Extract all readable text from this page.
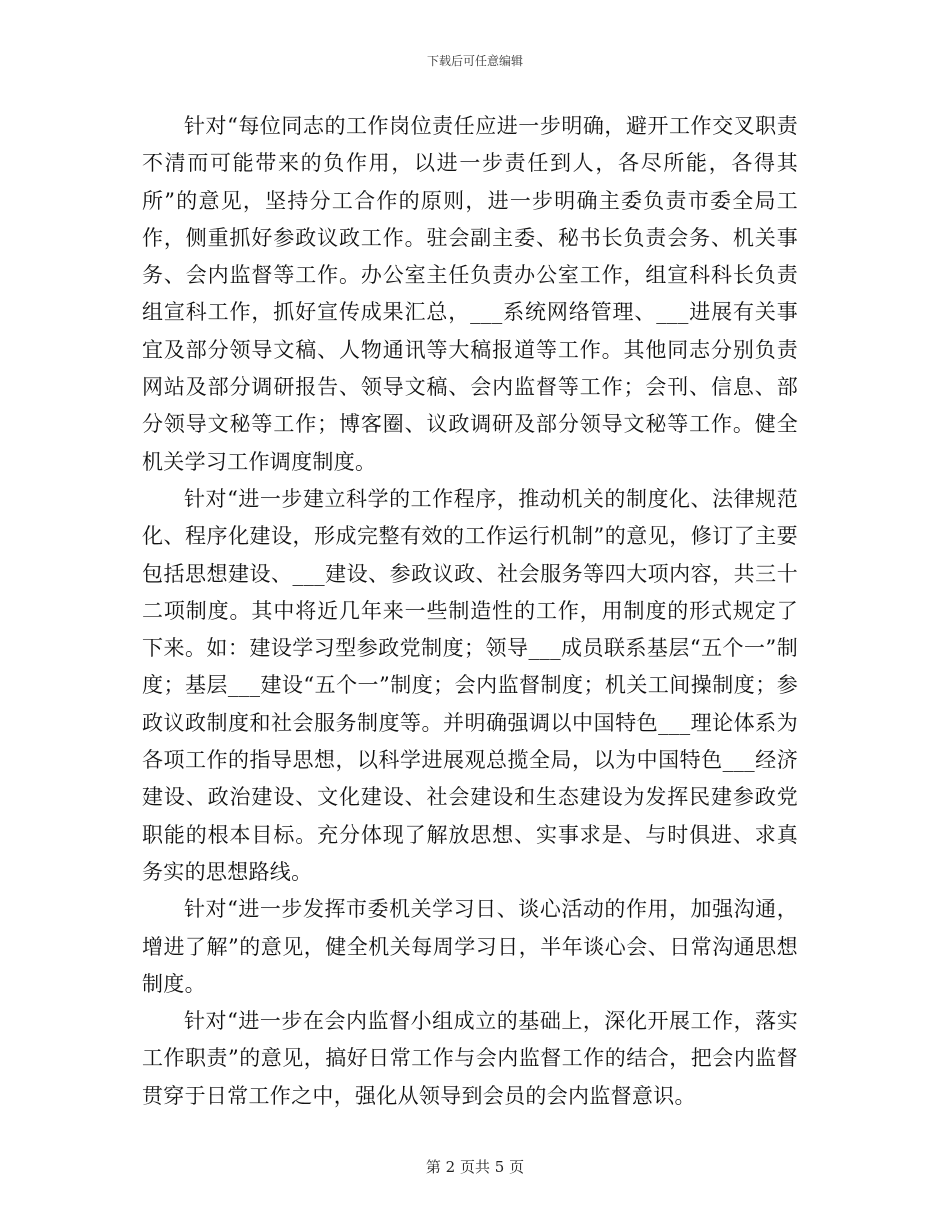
下载后可任意编辑

针对“每位同志的工作岗位责任应进一步明确，避开工作交叉职责不清而可能带来的负作用，以进一步责任到人，各尽所能，各得其所”的意见，坚持分工合作的原则，进一步明确主委负责市委全局工作，侧重抓好参政议政工作。驻会副主委、秘书长负责会务、机关事务、会内监督等工作。办公室主任负责办公室工作，组宣科科长负责组宣科工作，抓好宣传成果汇总，___系统网络管理、___进展有关事宜及部分领导文稿、人物通讯等大稿报道等工作。其他同志分别负责网站及部分调研报告、领导文稿、会内监督等工作；会刊、信息、部分领导文秘等工作；博客圈、议政调研及部分领导文秘等工作。健全机关学习工作调度制度。

针对“进一步建立科学的工作程序，推动机关的制度化、法律规范化、程序化建设，形成完整有效的工作运行机制”的意见，修订了主要包括思想建设、___建设、参政议政、社会服务等四大项内容，共三十二项制度。其中将近几年来一些制造性的工作，用制度的形式规定了下来。如：建设学习型参政党制度；领导___成员联系基层“五个一”制度；基层___建设“五个一”制度；会内监督制度；机关工间操制度；参政议政制度和社会服务制度等。并明确强调以中国特色___理论体系为各项工作的指导思想，以科学进展观总揽全局，以为中国特色___经济建设、政治建设、文化建设、社会建设和生态建设为发挥民建参政党职能的根本目标。充分体现了解放思想、实事求是、与时俱进、求真务实的思想路线。

针对“进一步发挥市委机关学习日、谈心活动的作用，加强沟通，增进了解”的意见，健全机关每周学习日，半年谈心会、日常沟通思想制度。

针对“进一步在会内监督小组成立的基础上，深化开展工作，落实工作职责”的意见，搞好日常工作与会内监督工作的结合，把会内监督贯穿于日常工作之中，强化从领导到会员的会内监督意识。

第 2 页共 5 页
